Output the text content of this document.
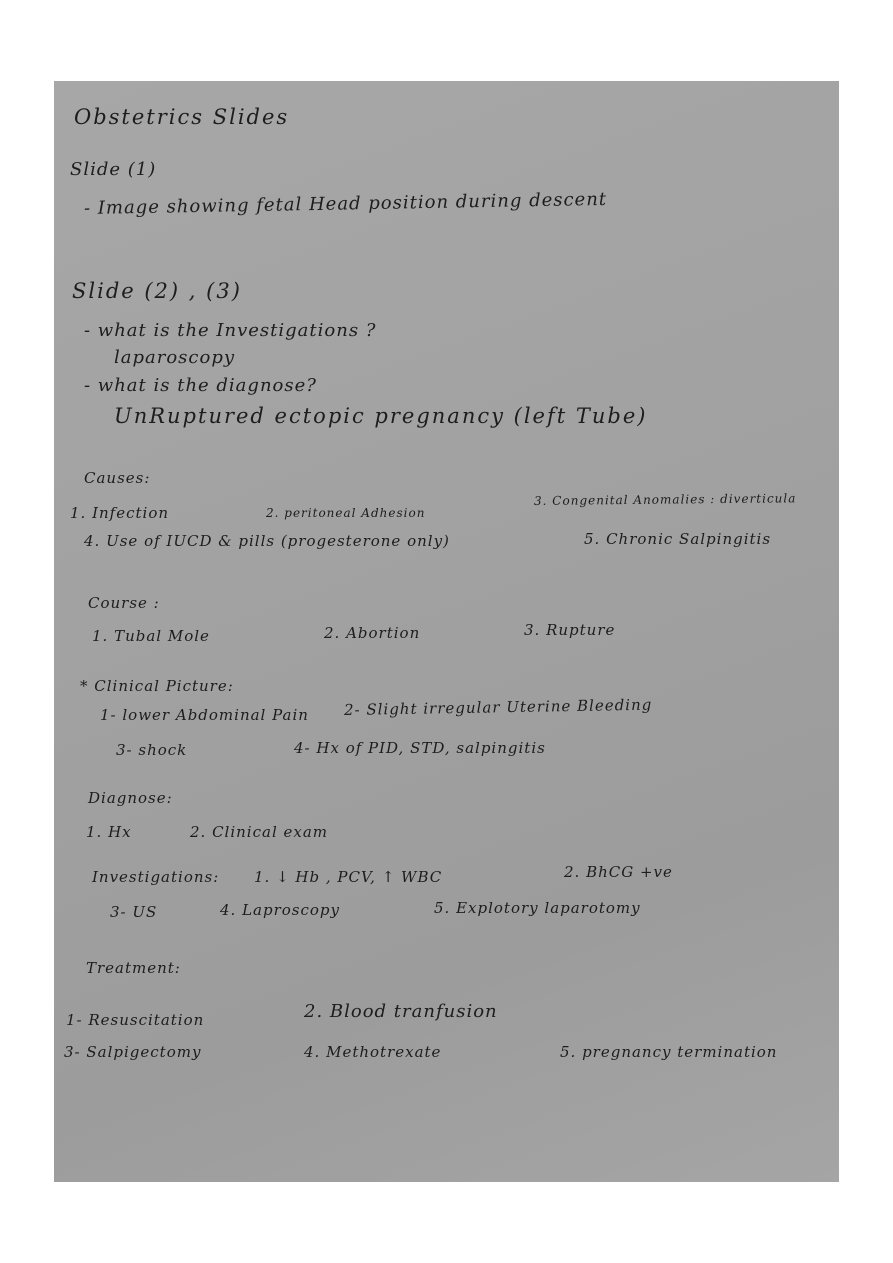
Obstetrics Slides
Slide (1)
- Image showing fetal Head position during descent
Slide (2) , (3)
- what is the Investigations ?
laparoscopy
- what is the diagnose?
UnRuptured ectopic pregnancy (left Tube)
Causes:
1. Infection	2. peritoneal Adhesion
3. Congenital Anomalies : diverticula
4. Use of IUCD & pills (progesterone only)	5. Chronic Salpingitis
Course :
1. Tubal Mole	2. Abortion	3. Rupture
* Clinical Picture:
1- lower Abdominal Pain 2- Slight irregular Uterine Bleeding
3- shock	4- Hx of PID, STD, salpingitis
Diagnose:
1. Hx	2. Clinical exam
Investigations: 1. ↓ Hb , PCV, ↑ WBC	2. BhCG +ve
3- US	4. Laproscopy	5. Explotory laparotomy
Treatment:
1- Resuscitation	2. Blood tranfusion
3- Salpigectomy	4. Methotrexate	5. pregnancy termination
